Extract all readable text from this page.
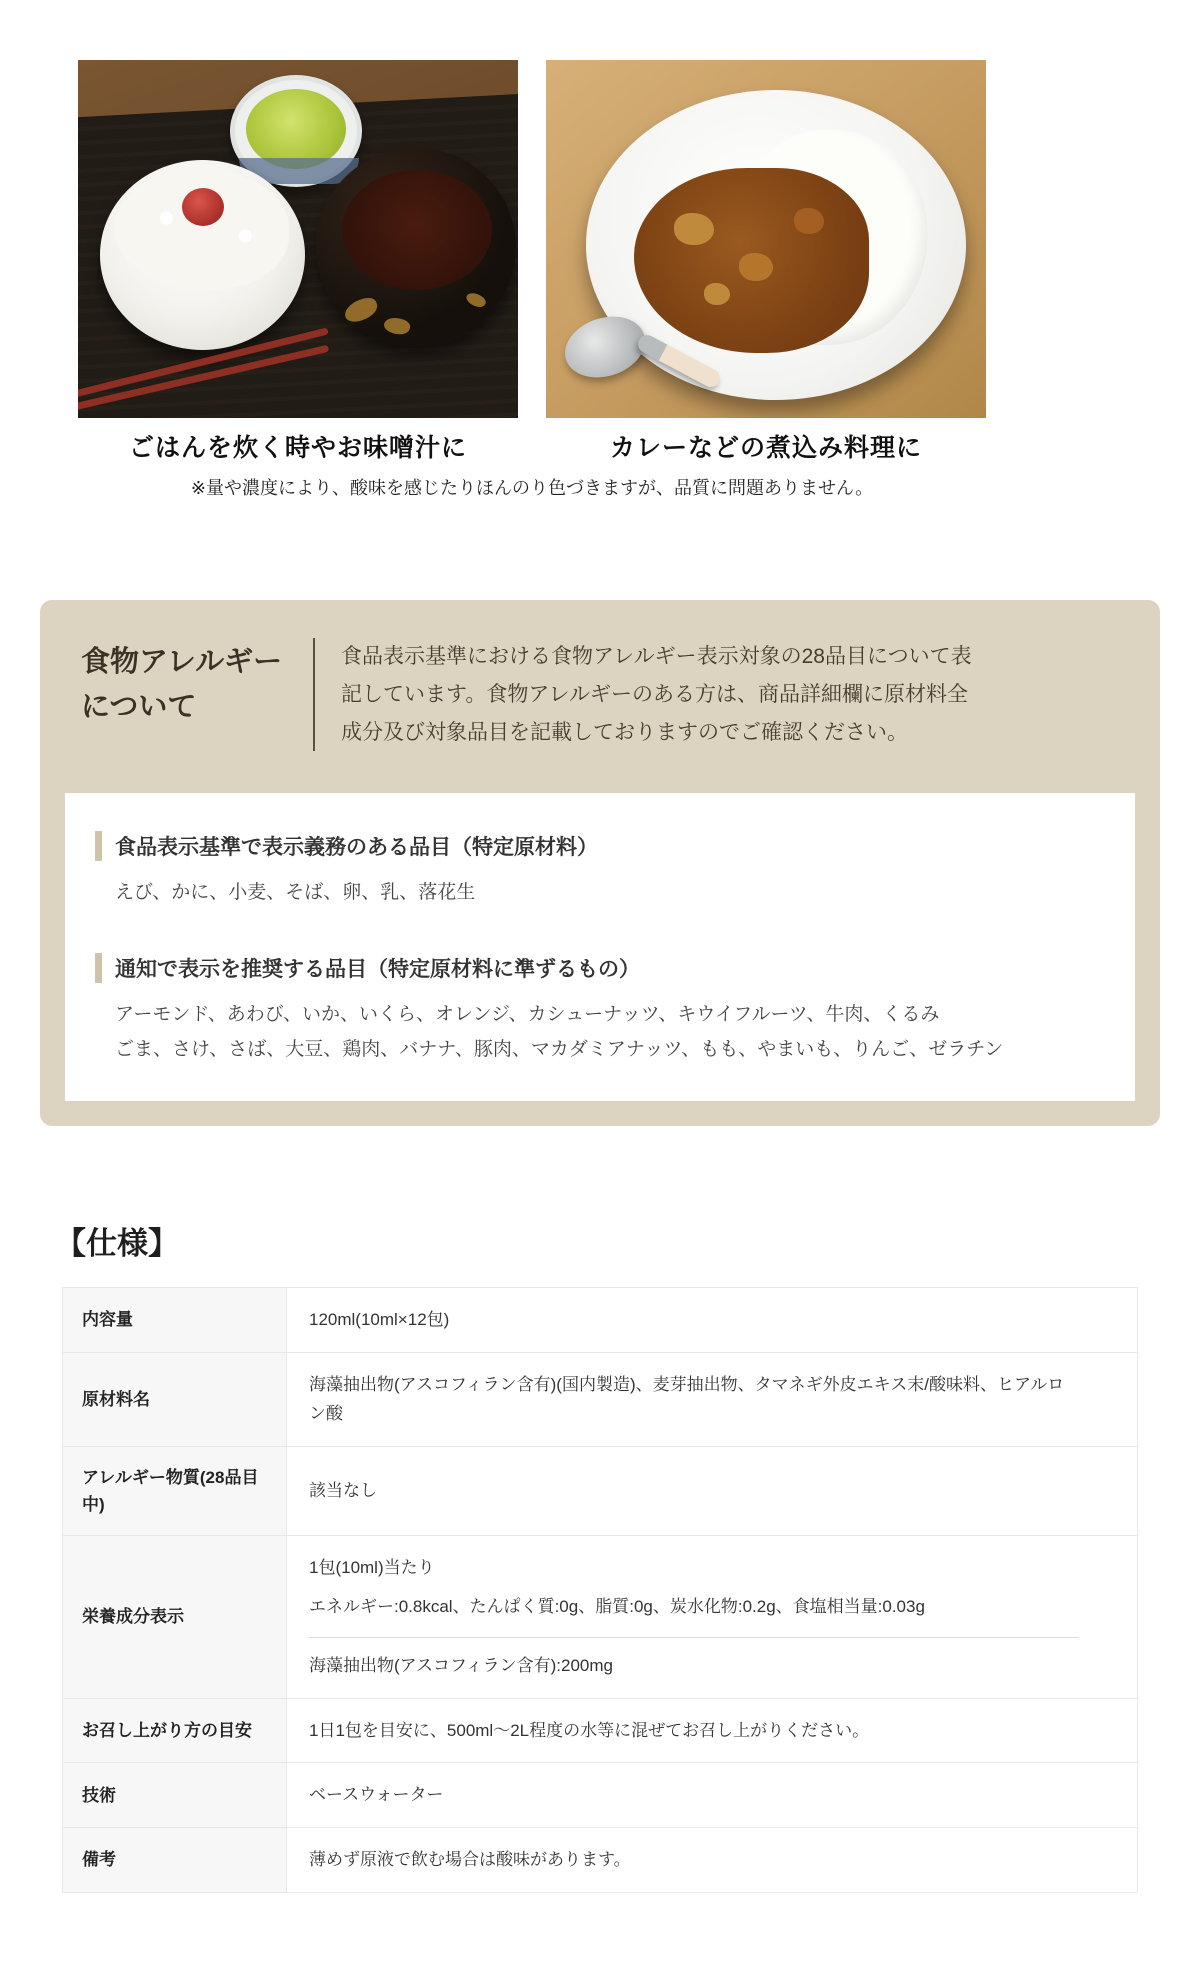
ごはんを炊く時やお味噌汁に	カレーなどの煮込み料理に
※量や濃度により、酸味を感じたりほんのり色づきますが、品質に問題ありません。
食物アレルギー
について
食品表示基準における食物アレルギー表示対象の28品目について表記しています。食物アレルギーのある方は、商品詳細欄に原材料全成分及び対象品目を記載しておりますのでご確認ください。
食品表示基準で表示義務のある品目（特定原材料）
えび、かに、小麦、そば、卵、乳、落花生
通知で表示を推奨する品目（特定原材料に準ずるもの）
アーモンド、あわび、いか、いくら、オレンジ、カシューナッツ、キウイフルーツ、牛肉、くるみ
ごま、さけ、さば、大豆、鶏肉、バナナ、豚肉、マカダミアナッツ、もも、やまいも、りんご、ゼラチン
【仕様】
内容量	120ml(10ml×12包)

原材料名	海藻抽出物(アスコフィラン含有)(国内製造)、麦芽抽出物、タマネギ外皮エキス末/酸味料、ヒアルロン酸

アレルギー物質(28品目中)	該当なし

栄養成分表示	1包(10ml)当たり
エネルギー:0.8kcal、たんぱく質:0g、脂質:0g、炭水化物:0.2g、食塩相当量:0.03g
海藻抽出物(アスコフィラン含有):200mg

お召し上がり方の目安	1日1包を目安に、500ml〜2L程度の水等に混ぜてお召し上がりください。

技術	ベースウォーター

備考	薄めず原液で飲む場合は酸味があります。
